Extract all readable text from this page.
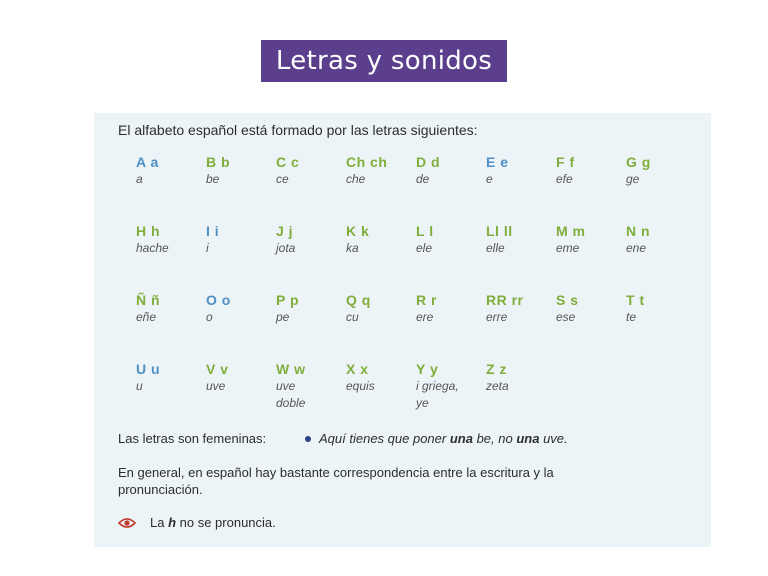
Letras y sonidos

El alfabeto español está formado por las letras siguientes:

A a
a
B b
be
C c
ce
Ch ch
che
D d
de
E e
e
F f
efe
G g
ge
H h
hache
I i
i
J j
jota
K k
ka
L l
ele
Ll ll
elle
M m
eme
N n
ene
Ñ ñ
eñe
O o
o
P p
pe
Q q
cu
R r
ere
RR rr
erre
S s
ese
T t
te
U u
u
V v
uve
W w
uve
doble
X x
equis
Y y
i griega,
ye
Z z
zeta
Las letras son femeninas:	Aquí tienes que poner una be, no una uve.

En general, en español hay bastante correspondencia entre la escritura y la pronunciación.

La h no se pronuncia.
